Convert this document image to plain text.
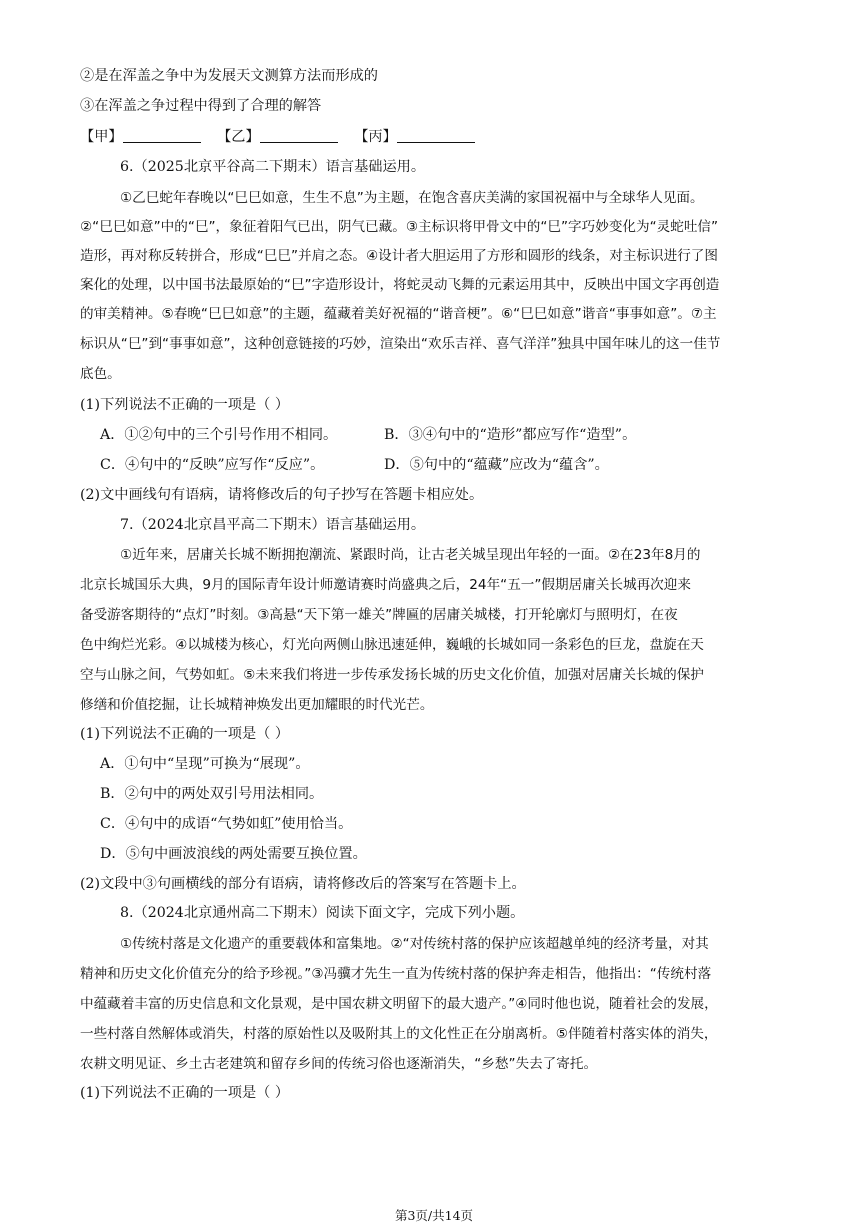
②是在浑盖之争中为发展天文测算方法而形成的
③在浑盖之争过程中得到了合理的解答
【甲】	【乙】	【丙】
6.（2025北京平谷高二下期末）语言基础运用。
①乙巳蛇年春晚以“巳巳如意，生生不息”为主题，在饱含喜庆美满的家国祝福中与全球华人见面。
②“巳巳如意”中的“巳”，象征着阳气已出，阴气已藏。③主标识将甲骨文中的“巳”字巧妙变化为“灵蛇吐信”
造形，再对称反转拼合，形成“巳巳”并肩之态。④设计者大胆运用了方形和圆形的线条，对主标识进行了图
案化的处理，以中国书法最原始的“巳”字造形设计，将蛇灵动飞舞的元素运用其中，反映出中国文字再创造
的审美精神。⑤春晚“巳巳如意”的主题，蕴藏着美好祝福的“谐音梗”。⑥“巳巳如意”谐音“事事如意”。⑦主
标识从“巳”到“事事如意”，这种创意链接的巧妙，渲染出“欢乐吉祥、喜气洋洋”独具中国年味儿的这一佳节
底色。
(1)下列说法不正确的一项是（ ）
A．①②句中的三个引号作用不相同。	B．③④句中的“造形”都应写作“造型”。
C．④句中的“反映”应写作“反应”。	D．⑤句中的“蕴藏”应改为“蕴含”。
(2)文中画线句有语病，请将修改后的句子抄写在答题卡相应处。
7.（2024北京昌平高二下期末）语言基础运用。
①近年来，居庸关长城不断拥抱潮流、紧跟时尚，让古老关城呈现出年轻的一面。②在23年8月的
北京长城国乐大典，9月的国际青年设计师邀请赛时尚盛典之后，24年“五一”假期居庸关长城再次迎来
备受游客期待的“点灯”时刻。③高悬“天下第一雄关”牌匾的居庸关城楼，打开轮廓灯与照明灯，在夜
色中绚烂光彩。④以城楼为核心，灯光向两侧山脉迅速延伸，巍峨的长城如同一条彩色的巨龙，盘旋在天
空与山脉之间，气势如虹。⑤未来我们将进一步传承发扬长城的历史文化价值，加强对居庸关长城的保护
修缮和价值挖掘，让长城精神焕发出更加耀眼的时代光芒。
(1)下列说法不正确的一项是（ ）
A．①句中“呈现”可换为“展现”。
B．②句中的两处双引号用法相同。
C．④句中的成语“气势如虹”使用恰当。
D．⑤句中画波浪线的两处需要互换位置。
(2)文段中③句画横线的部分有语病，请将修改后的答案写在答题卡上。
8.（2024北京通州高二下期末）阅读下面文字，完成下列小题。
①传统村落是文化遗产的重要载体和富集地。②“对传统村落的保护应该超越单纯的经济考量，对其
精神和历史文化价值充分的给予珍视。”③冯骥才先生一直为传统村落的保护奔走相告，他指出：“传统村落
中蕴藏着丰富的历史信息和文化景观，是中国农耕文明留下的最大遗产。”④同时他也说，随着社会的发展，
一些村落自然解体或消失，村落的原始性以及吸附其上的文化性正在分崩离析。⑤伴随着村落实体的消失，
农耕文明见证、乡土古老建筑和留存乡间的传统习俗也逐渐消失，“乡愁”失去了寄托。
(1)下列说法不正确的一项是（ ）
第3页/共14页
